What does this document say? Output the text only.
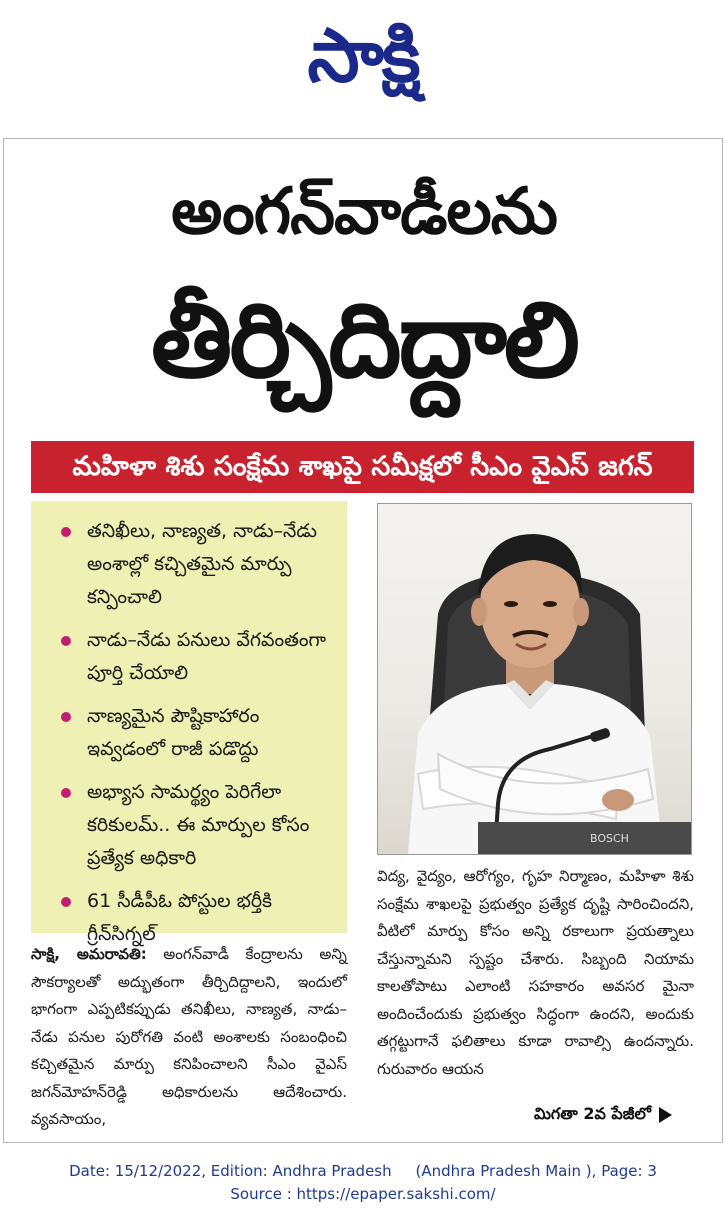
సాక్షి
అంగన్‌వాడీలను
తీర్చిదిద్దాలి
మహిళా శిశు సంక్షేమ శాఖపై సమీక్షలో సీఎం వైఎస్‌ జగన్‌
తనిఖీలు, నాణ్యత, నాడు–నేడు అంశాల్లో కచ్చితమైన మార్పు కన్పించాలి
నాడు–నేడు పనులు వేగవంతంగా పూర్తి చేయాలి
నాణ్యమైన పౌష్టికాహారం ఇవ్వడంలో రాజీ పడొద్దు
అభ్యాస సామర్థ్యం పెరిగేలా కరికులమ్‌.. ఈ మార్పుల కోసం ప్రత్యేక అధికారి
61 సీడీపీఓ పోస్టుల భర్తీకి గ్రీన్‌సిగ్నల్‌
BOSCH
విద్య, వైద్యం, ఆరోగ్యం, గృహ నిర్మాణం, మహిళా శిశు సంక్షేమ శాఖలపై ప్రభుత్వం ప్రత్యేక దృష్టి సారించిందని, వీటిలో మార్పు కోసం అన్ని రకాలుగా ప్రయత్నాలు చేస్తున్నామని స్పష్టం చేశారు. సిబ్బంది నియామ కాలతోపాటు ఎలాంటి సహకారం అవసర మైనా అందించేందుకు ప్రభుత్వం సిద్ధంగా ఉందని, అందుకు తగ్గట్టుగానే ఫలితాలు కూడా రావాల్సి ఉందన్నారు. గురువారం ఆయన
సాక్షి, అమరావతి: అంగన్‌వాడీ కేంద్రాలను అన్ని సౌకర్యాలతో అద్భుతంగా తీర్చిదిద్దాలని, ఇందులో భాగంగా ఎప్పటికప్పుడు తనిఖీలు, నాణ్యత, నాడు–నేడు పనుల పురోగతి వంటి అంశాలకు సంబంధించి కచ్చితమైన మార్పు కనిపించాలని సీఎం వైఎస్‌ జగన్‌మోహన్‌రెడ్డి అధికారులను ఆదేశించారు. వ్యవసాయం,	మిగతా 2వ పేజీలో
Date: 15/12/2022, Edition: Andhra Pradesh     (Andhra Pradesh Main ), Page: 3
Source : https://epaper.sakshi.com/
